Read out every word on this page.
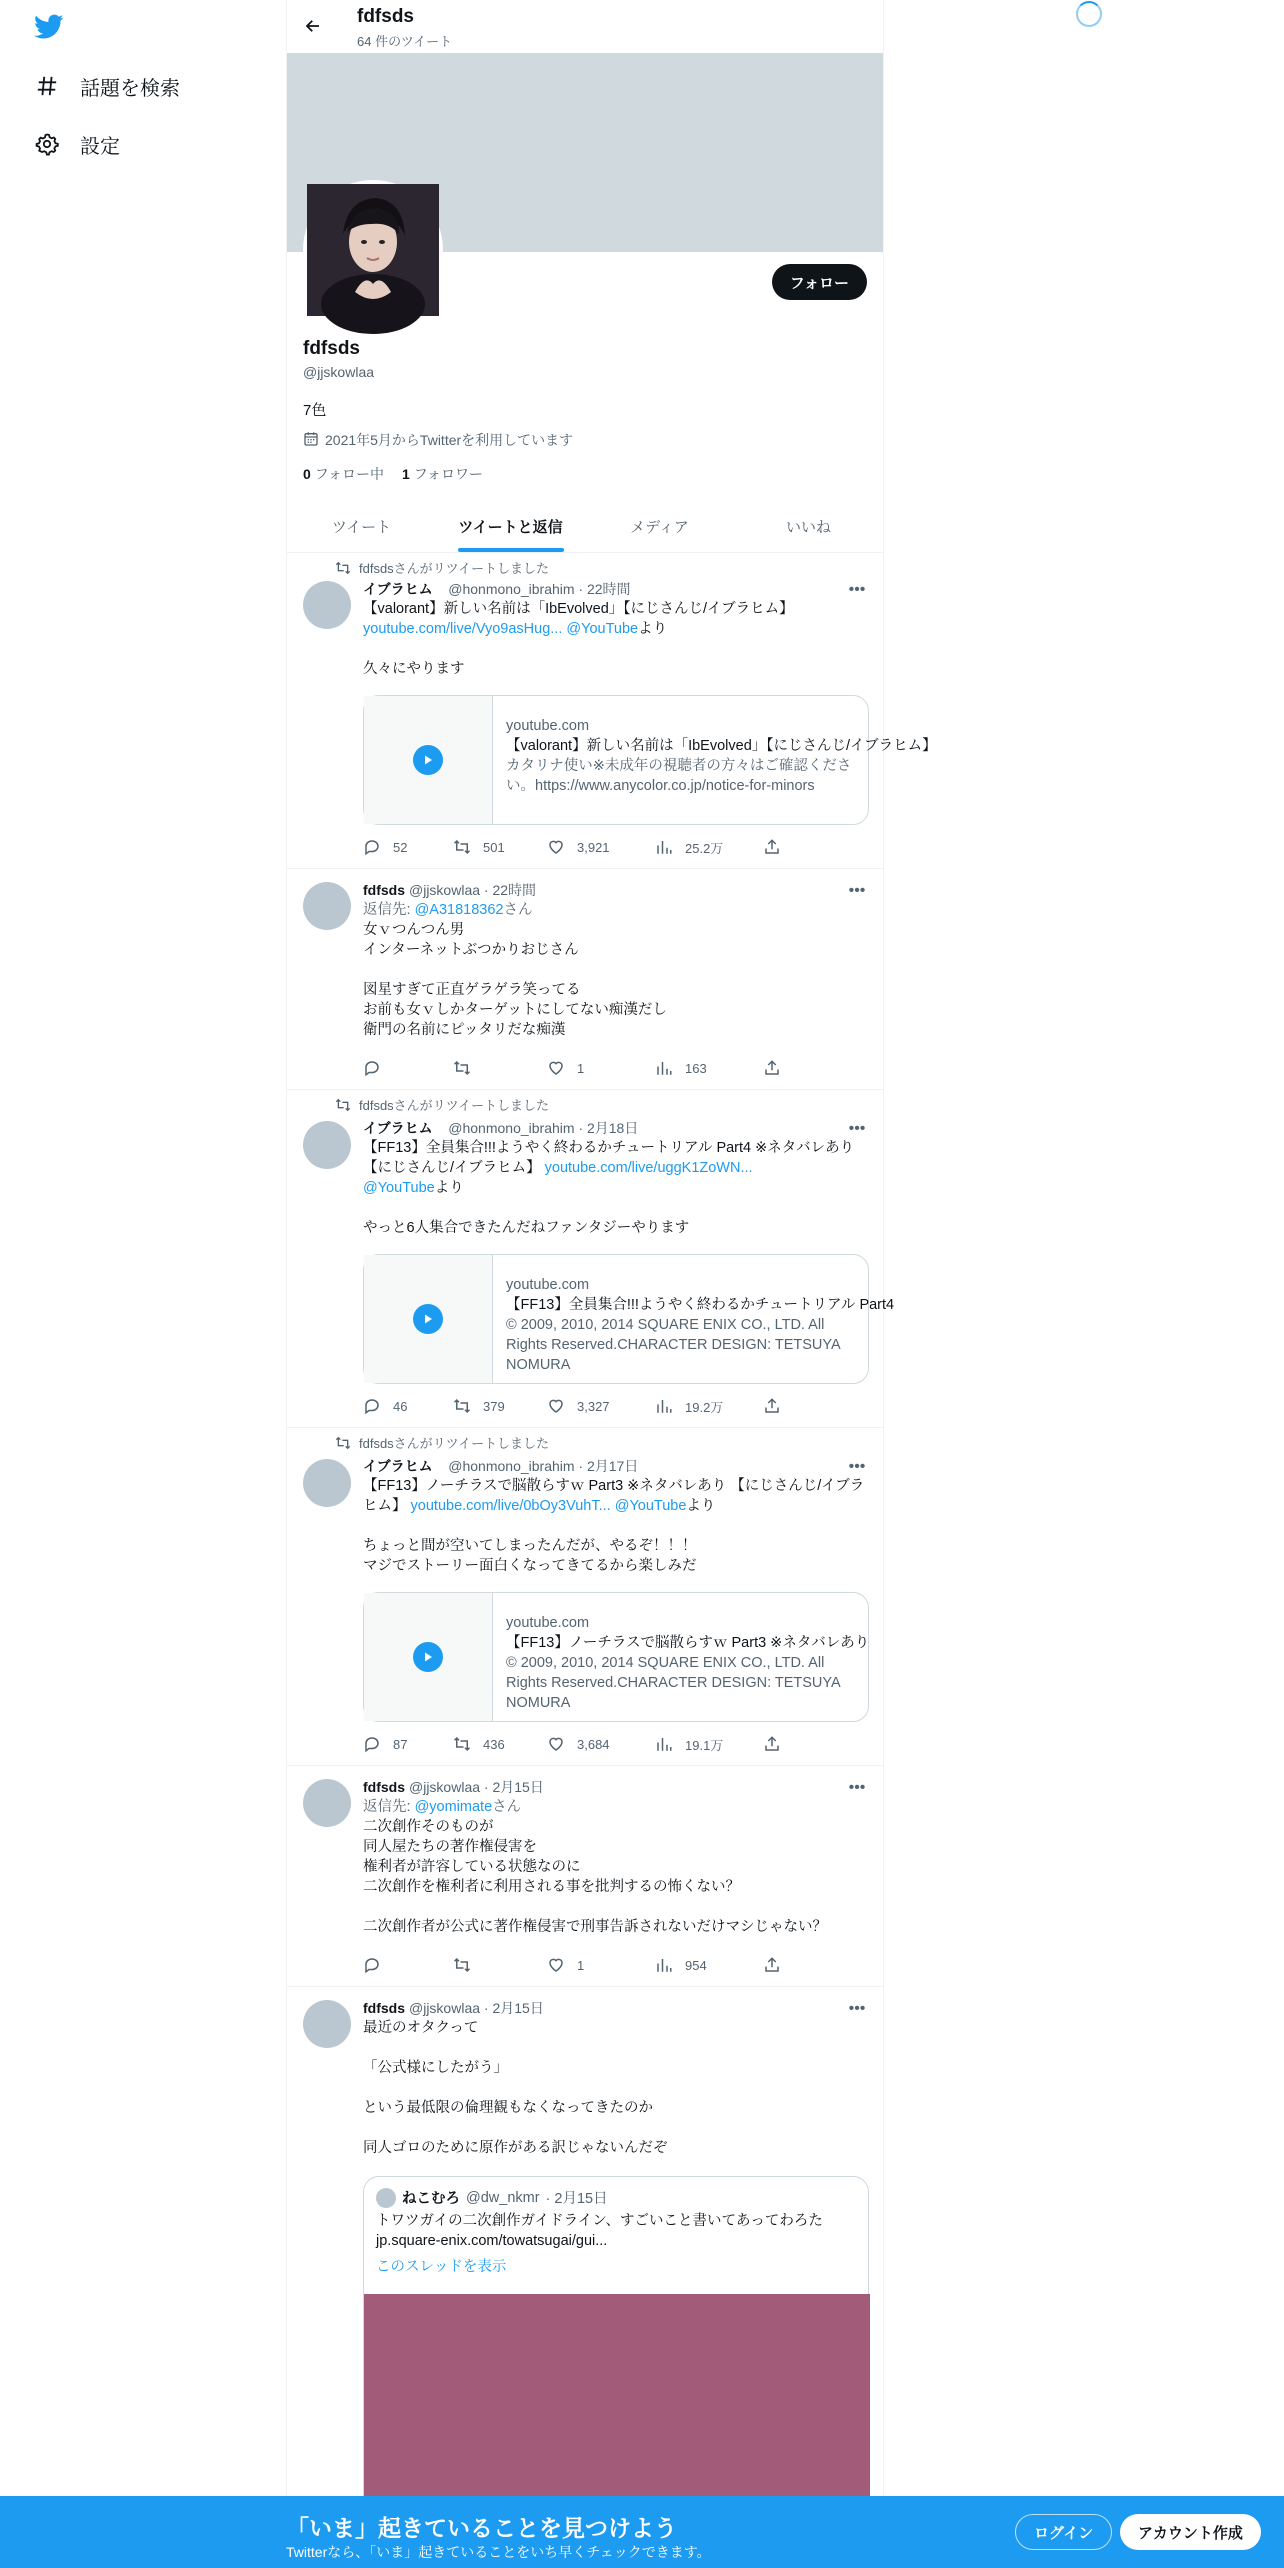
話題を検索
設定
fdfsds
64 件のツイート
フォロー
fdfsds
@jjskowlaa
7色
2021年5月からTwitterを利用しています
0 フォロー中 1 フォロワー
ツイート	ツイートと返信	メディア	いいね
fdfsdsさんがリツイートしました
•••
イブラヒム
@honmono_ibrahim
· 22時間
【valorant】新しい名前は「IbEvolved」【にじさんじ/イブラヒム】
youtube.com/live/Vyo9asHug... @YouTubeより

久々にやります
youtube.com
【valorant】新しい名前は「IbEvolved」【にじさんじ/イブラヒム】
カタリナ使い※未成年の視聴者の方々はご確認ください。https://www.anycolor.co.jp/notice-for-minors
52	501	3,921	25.2万
•••
fdfsds @jjskowlaa
· 22時間
返信先: @A31818362さん
女ｖつんつん男
インターネットぶつかりおじさん

図星すぎて正直ゲラゲラ笑ってる
お前も女ｖしかターゲットにしてない痴漢だし
衛門の名前にピッタリだな痴漢
1	163
fdfsdsさんがリツイートしました
•••
イブラヒム
@honmono_ibrahim
· 2月18日
【FF13】全員集合!!!ようやく終わるかチュートリアル Part4 ※ネタバレあり 【にじさんじ/イブラヒム】 youtube.com/live/uggK1ZoWN...
@YouTubeより

やっと6人集合できたんだねファンタジーやります
youtube.com
【FF13】全員集合!!!ようやく終わるかチュートリアル Part4
© 2009, 2010, 2014 SQUARE ENIX CO., LTD. All Rights Reserved.CHARACTER DESIGN: TETSUYA NOMURA
46	379	3,327	19.2万
fdfsdsさんがリツイートしました
•••
イブラヒム
@honmono_ibrahim
· 2月17日
【FF13】ノーチラスで脳散らすｗ Part3 ※ネタバレあり 【にじさんじ/イブラヒム】 youtube.com/live/0bOy3VuhT... @YouTubeより

ちょっと間が空いてしまったんだが、やるぞ！！！
マジでストーリー面白くなってきてるから楽しみだ
youtube.com
【FF13】ノーチラスで脳散らすｗ Part3 ※ネタバレあり
© 2009, 2010, 2014 SQUARE ENIX CO., LTD. All Rights Reserved.CHARACTER DESIGN: TETSUYA NOMURA
87	436	3,684	19.1万
•••
fdfsds @jjskowlaa
· 2月15日
返信先: @yomimateさん
二次創作そのものが
同人屋たちの著作権侵害を
権利者が許容している状態なのに
二次創作を権利者に利用される事を批判するの怖くない？

二次創作者が公式に著作権侵害で刑事告訴されないだけマシじゃない？
1	954
•••
fdfsds @jjskowlaa
· 2月15日
最近のオタクって

「公式様にしたがう」

という最低限の倫理観もなくなってきたのか

同人ゴロのために原作がある訳じゃないんだぞ
ねこむろ @dw_nkmr · 2月15日
トワツガイの二次創作ガイドライン、すごいこと書いてあってわろた
jp.square-enix.com/towatsugai/gui...
このスレッドを表示
「いま」起きていることを見つけよう
Twitterなら、「いま」起きていることをいち早くチェックできます。
ログイン	アカウント作成
